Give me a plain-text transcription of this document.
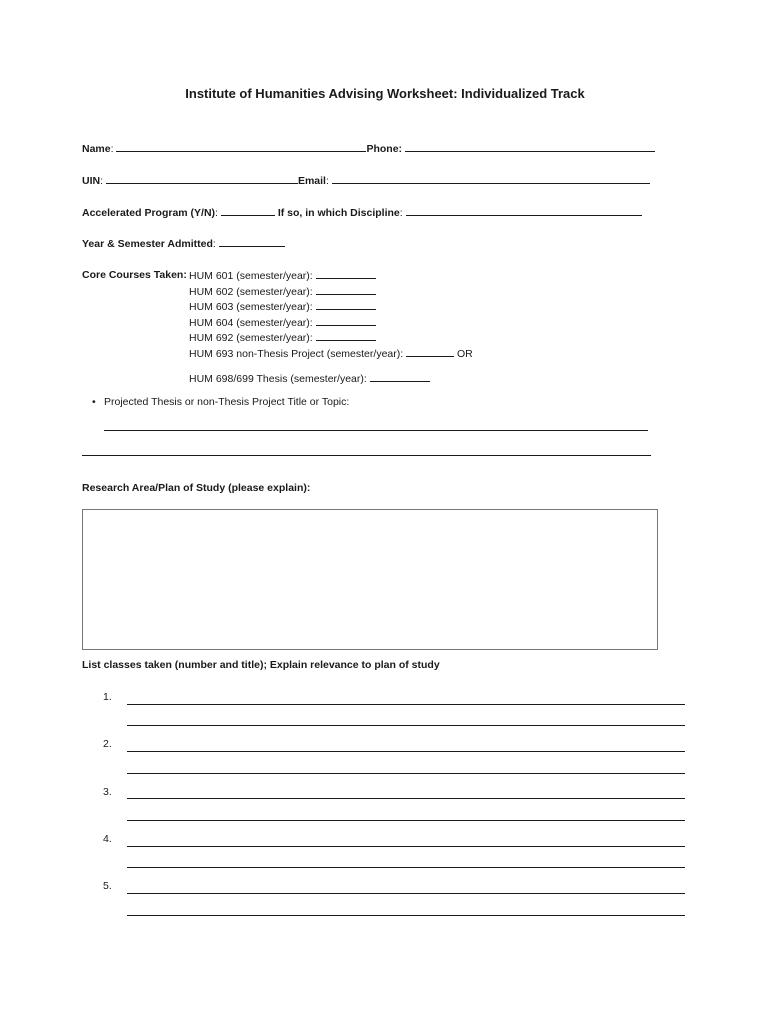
Institute of Humanities Advising Worksheet: Individualized Track
Name:	Phone:
UIN:	Email:
Accelerated Program (Y/N):	If so, in which Discipline:
Year & Semester Admitted:
Core Courses Taken: HUM 601 (semester/year):
HUM 602 (semester/year):
HUM 603 (semester/year):
HUM 604 (semester/year):
HUM 692 (semester/year):
HUM 693 non-Thesis Project (semester/year):	OR
HUM 698/699 Thesis (semester/year):
• Projected Thesis or non-Thesis Project Title or Topic:
Research Area/Plan of Study (please explain):
List classes taken (number and title); Explain relevance to plan of study
1.
2.
3.
4.
5.
